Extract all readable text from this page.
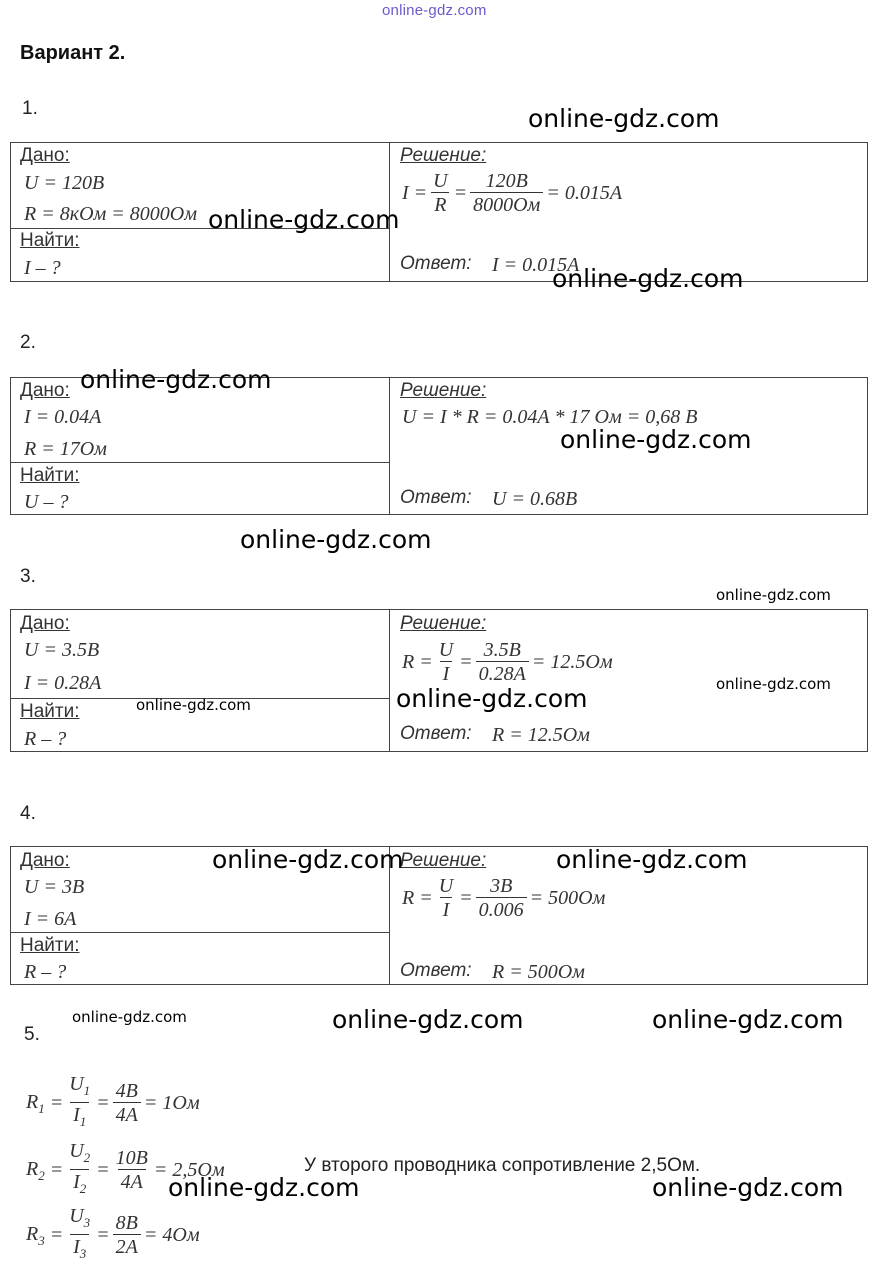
online-gdz.com
Вариант 2.
1.
Дано:
U = 120В
R = 8кОм = 8000Ом
Найти:
I – ?
Решение:
$I = \frac{U}{R} = \frac{120В}{8000Ом} = 0.015А$
Ответ: I = 0.015А
2.
Дано:
I = 0.04А
R = 17Ом
Найти:
U – ?
Решение:
U = I * R = 0.04А * 17 Ом = 0,68 В
Ответ: U = 0.68В
3.
Дано:
U = 3.5В
I = 0.28А
Найти:
R – ?
Решение:
$R = \frac{U}{I} = \frac{3.5В}{0.28А} = 12.5Ом$
Ответ: R = 12.5Ом
4.
Дано:
U = 3В
I = 6А
Найти:
R – ?
Решение:
$R = \frac{U}{I} = \frac{3В}{0.006} = 500Ом$
Ответ: R = 500Ом
5.
$R_1 = \frac{U_1}{I_1} = \frac{4В}{4А} = 1Ом$
$R_2 = \frac{U_2}{I_2} = \frac{10В}{4А} = 2,5Ом$
$R_3 = \frac{U_3}{I_3} = \frac{8В}{2А} = 4Ом$
У второго проводника сопротивление 2,5Ом.
online-gdz.com
online-gdz.com
online-gdz.com
online-gdz.com
online-gdz.com
online-gdz.com
online-gdz.com
online-gdz.com	online-gdz.com
online-gdz.com
online-gdz.com	online-gdz.com
online-gdz.com	online-gdz.com	online-gdz.com
online-gdz.com	online-gdz.com
